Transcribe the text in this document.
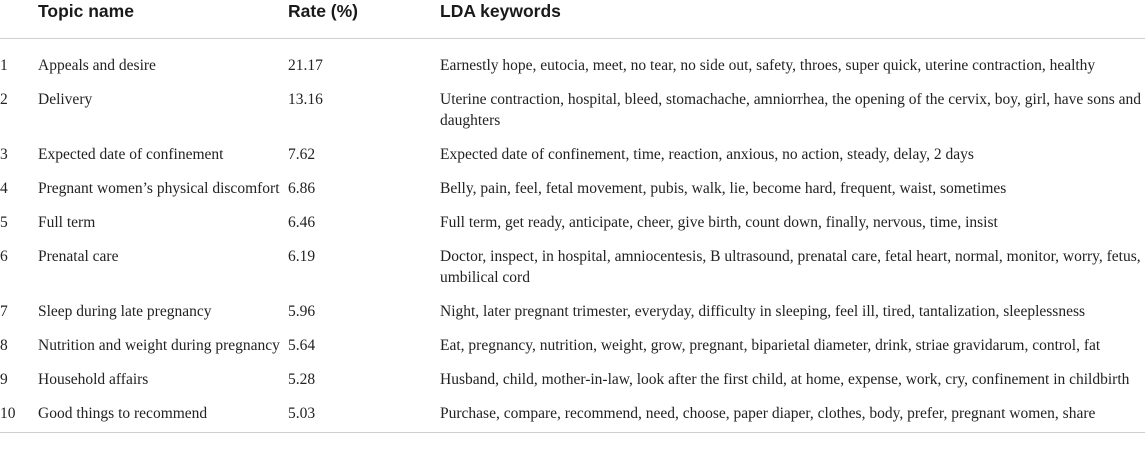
	Topic name	Rate (%)	LDA keywords
1	Appeals and desire	21.17	Earnestly hope, eutocia, meet, no tear, no side out, safety, throes, super quick, uterine contraction, healthy
2	Delivery	13.16	Uterine contraction, hospital, bleed, stomachache, amniorrhea, the opening of the cervix, boy, girl, have sons and daughters
3	Expected date of confinement	7.62	Expected date of confinement, time, reaction, anxious, no action, steady, delay, 2 days
4	Pregnant women’s physical discomfort	6.86	Belly, pain, feel, fetal movement, pubis, walk, lie, become hard, frequent, waist, sometimes
5	Full term	6.46	Full term, get ready, anticipate, cheer, give birth, count down, finally, nervous, time, insist
6	Prenatal care	6.19	Doctor, inspect, in hospital, amniocentesis, B ultrasound, prenatal care, fetal heart, normal, monitor, worry, fetus, umbilical cord
7	Sleep during late pregnancy	5.96	Night, later pregnant trimester, everyday, difficulty in sleeping, feel ill, tired, tantalization, sleeplessness
8	Nutrition and weight during pregnancy	5.64	Eat, pregnancy, nutrition, weight, grow, pregnant, biparietal diameter, drink, striae gravidarum, control, fat
9	Household affairs	5.28	Husband, child, mother-in-law, look after the first child, at home, expense, work, cry, confinement in childbirth
10	Good things to recommend	5.03	Purchase, compare, recommend, need, choose, paper diaper, clothes, body, prefer, pregnant women, share
